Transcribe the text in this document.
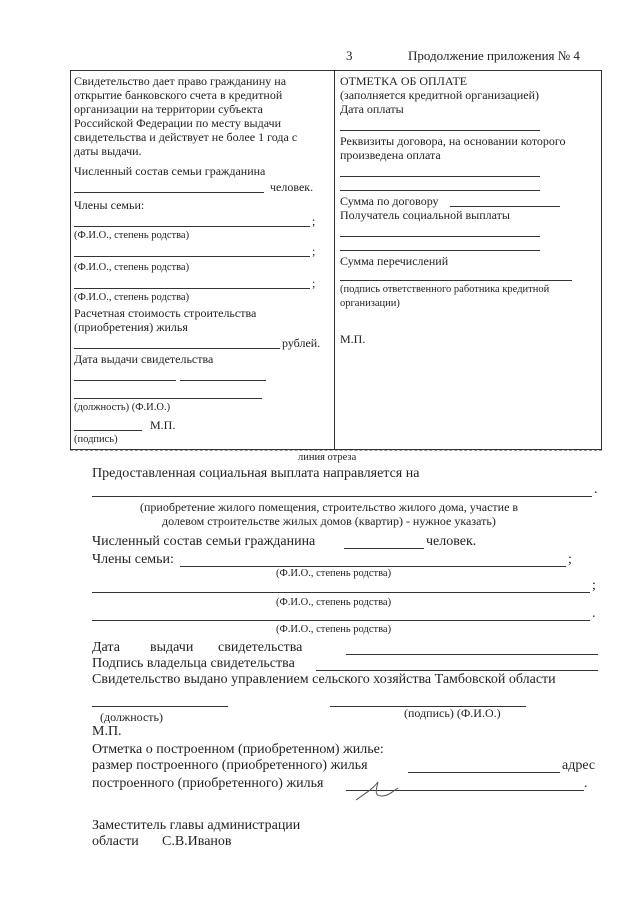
3	Продолжение приложения № 4
Свидетельство дает право гражданину на
открытие банковского счета в кредитной
организации на территории субъекта
Российской Федерации по месту выдачи
свидетельства и действует не более 1 года с
даты выдачи.
Численный состав семьи гражданина
человек.
Члены семьи:
;
(Ф.И.О., степень родства)
;
(Ф.И.О., степень родства)
;
(Ф.И.О., степень родства)
Расчетная стоимость строительства
(приобретения) жилья
рублей.
Дата выдачи свидетельства
(должность) (Ф.И.О.)
М.П.
(подпись)
ОТМЕТКА ОБ ОПЛАТЕ
(заполняется кредитной организацией)
Дата оплаты
Реквизиты договора, на основании которого
произведена оплата
Сумма по договору
Получатель социальной выплаты
Сумма перечислений
(подпись ответственного работника кредитной
организации)
М.П.
линия отреза
Предоставленная социальная выплата направляется на
.
(приобретение жилого помещения, строительство жилого дома, участие в
долевом строительстве жилых домов (квартир) - нужное указать)
Численный состав семьи гражданина	человек.
Члены семьи:	;
(Ф.И.О., степень родства)
;
(Ф.И.О., степень родства)
.
(Ф.И.О., степень родства)
Дата выдачи свидетельства
Подпись владельца свидетельства
Свидетельство выдано управлением сельского хозяйства Тамбовской области
(должность)	(подпись) (Ф.И.О.)
М.П.
Отметка о построенном (приобретенном) жилье:
размер построенного (приобретенного) жилья	адрес
построенного (приобретенного) жилья	.
Заместитель главы администрации
области С.В.Иванов
